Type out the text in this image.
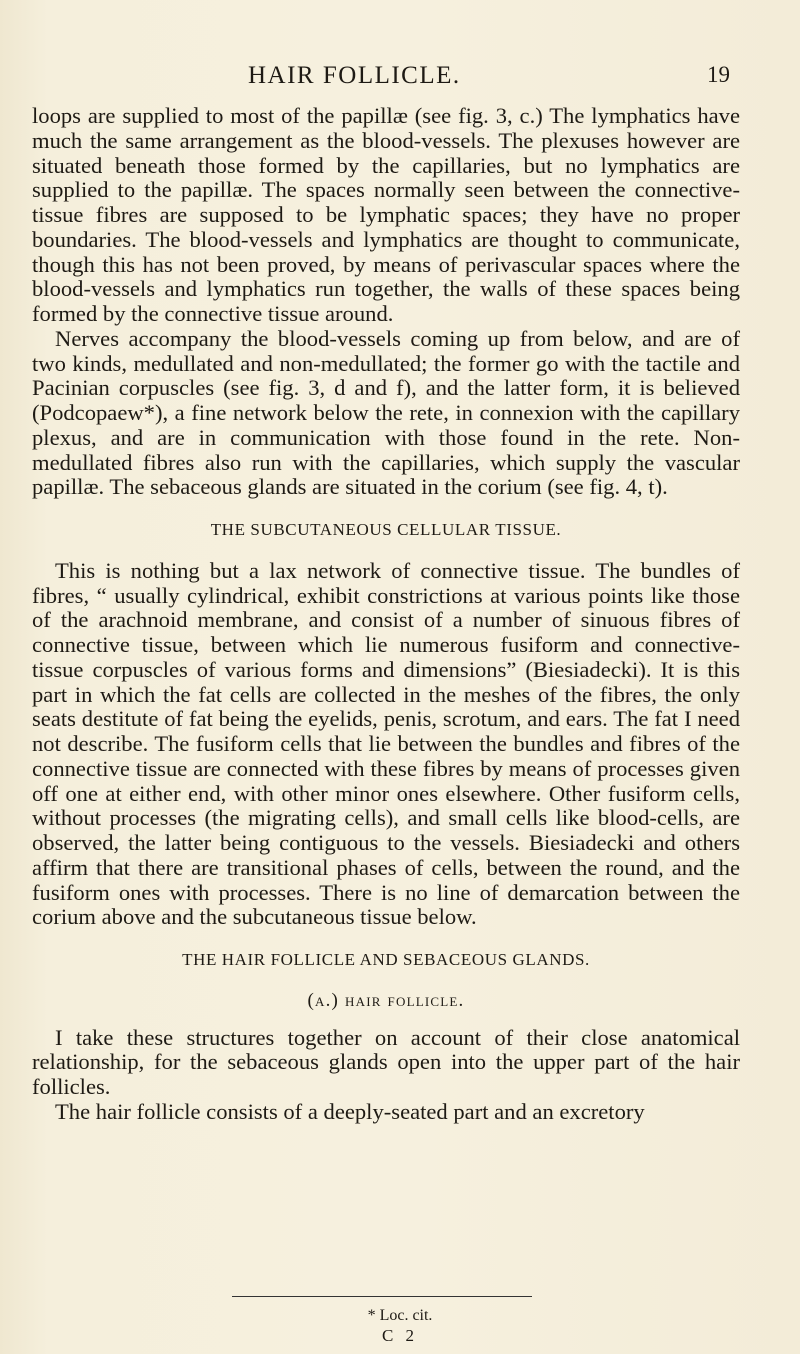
HAIR FOLLICLE.	19

loops are supplied to most of the papillæ (see fig. 3, c.) The lymphatics have much the same arrangement as the blood-vessels. The plexuses however are situated beneath those formed by the capillaries, but no lymphatics are supplied to the papillæ. The spaces normally seen between the connective-tissue fibres are supposed to be lymphatic spaces; they have no proper boundaries. The blood-vessels and lymphatics are thought to communicate, though this has not been proved, by means of perivascular spaces where the blood-vessels and lymphatics run together, the walls of these spaces being formed by the connective tissue around.

Nerves accompany the blood-vessels coming up from below, and are of two kinds, medullated and non-medullated; the former go with the tactile and Pacinian corpuscles (see fig. 3, d and f), and the latter form, it is believed (Podcopaew*), a fine network below the rete, in connexion with the capillary plexus, and are in communication with those found in the rete. Non-medullated fibres also run with the capillaries, which supply the vascular papillæ. The sebaceous glands are situated in the corium (see fig. 4, t).

THE SUBCUTANEOUS CELLULAR TISSUE.

This is nothing but a lax network of connective tissue. The bundles of fibres, “ usually cylindrical, exhibit constrictions at various points like those of the arachnoid membrane, and consist of a number of sinuous fibres of connective tissue, between which lie numerous fusiform and connective-tissue corpuscles of various forms and dimensions” (Biesiadecki). It is this part in which the fat cells are collected in the meshes of the fibres, the only seats destitute of fat being the eyelids, penis, scrotum, and ears. The fat I need not describe. The fusiform cells that lie between the bundles and fibres of the connective tissue are connected with these fibres by means of processes given off one at either end, with other minor ones elsewhere. Other fusiform cells, without processes (the migrating cells), and small cells like blood-cells, are observed, the latter being contiguous to the vessels. Biesiadecki and others affirm that there are transitional phases of cells, between the round, and the fusiform ones with processes. There is no line of demarcation between the corium above and the subcutaneous tissue below.

THE HAIR FOLLICLE AND SEBACEOUS GLANDS.
(a.) hair follicle.

I take these structures together on account of their close anatomical relationship, for the sebaceous glands open into the upper part of the hair follicles.

The hair follicle consists of a deeply-seated part and an excretory

* Loc. cit.
C 2
